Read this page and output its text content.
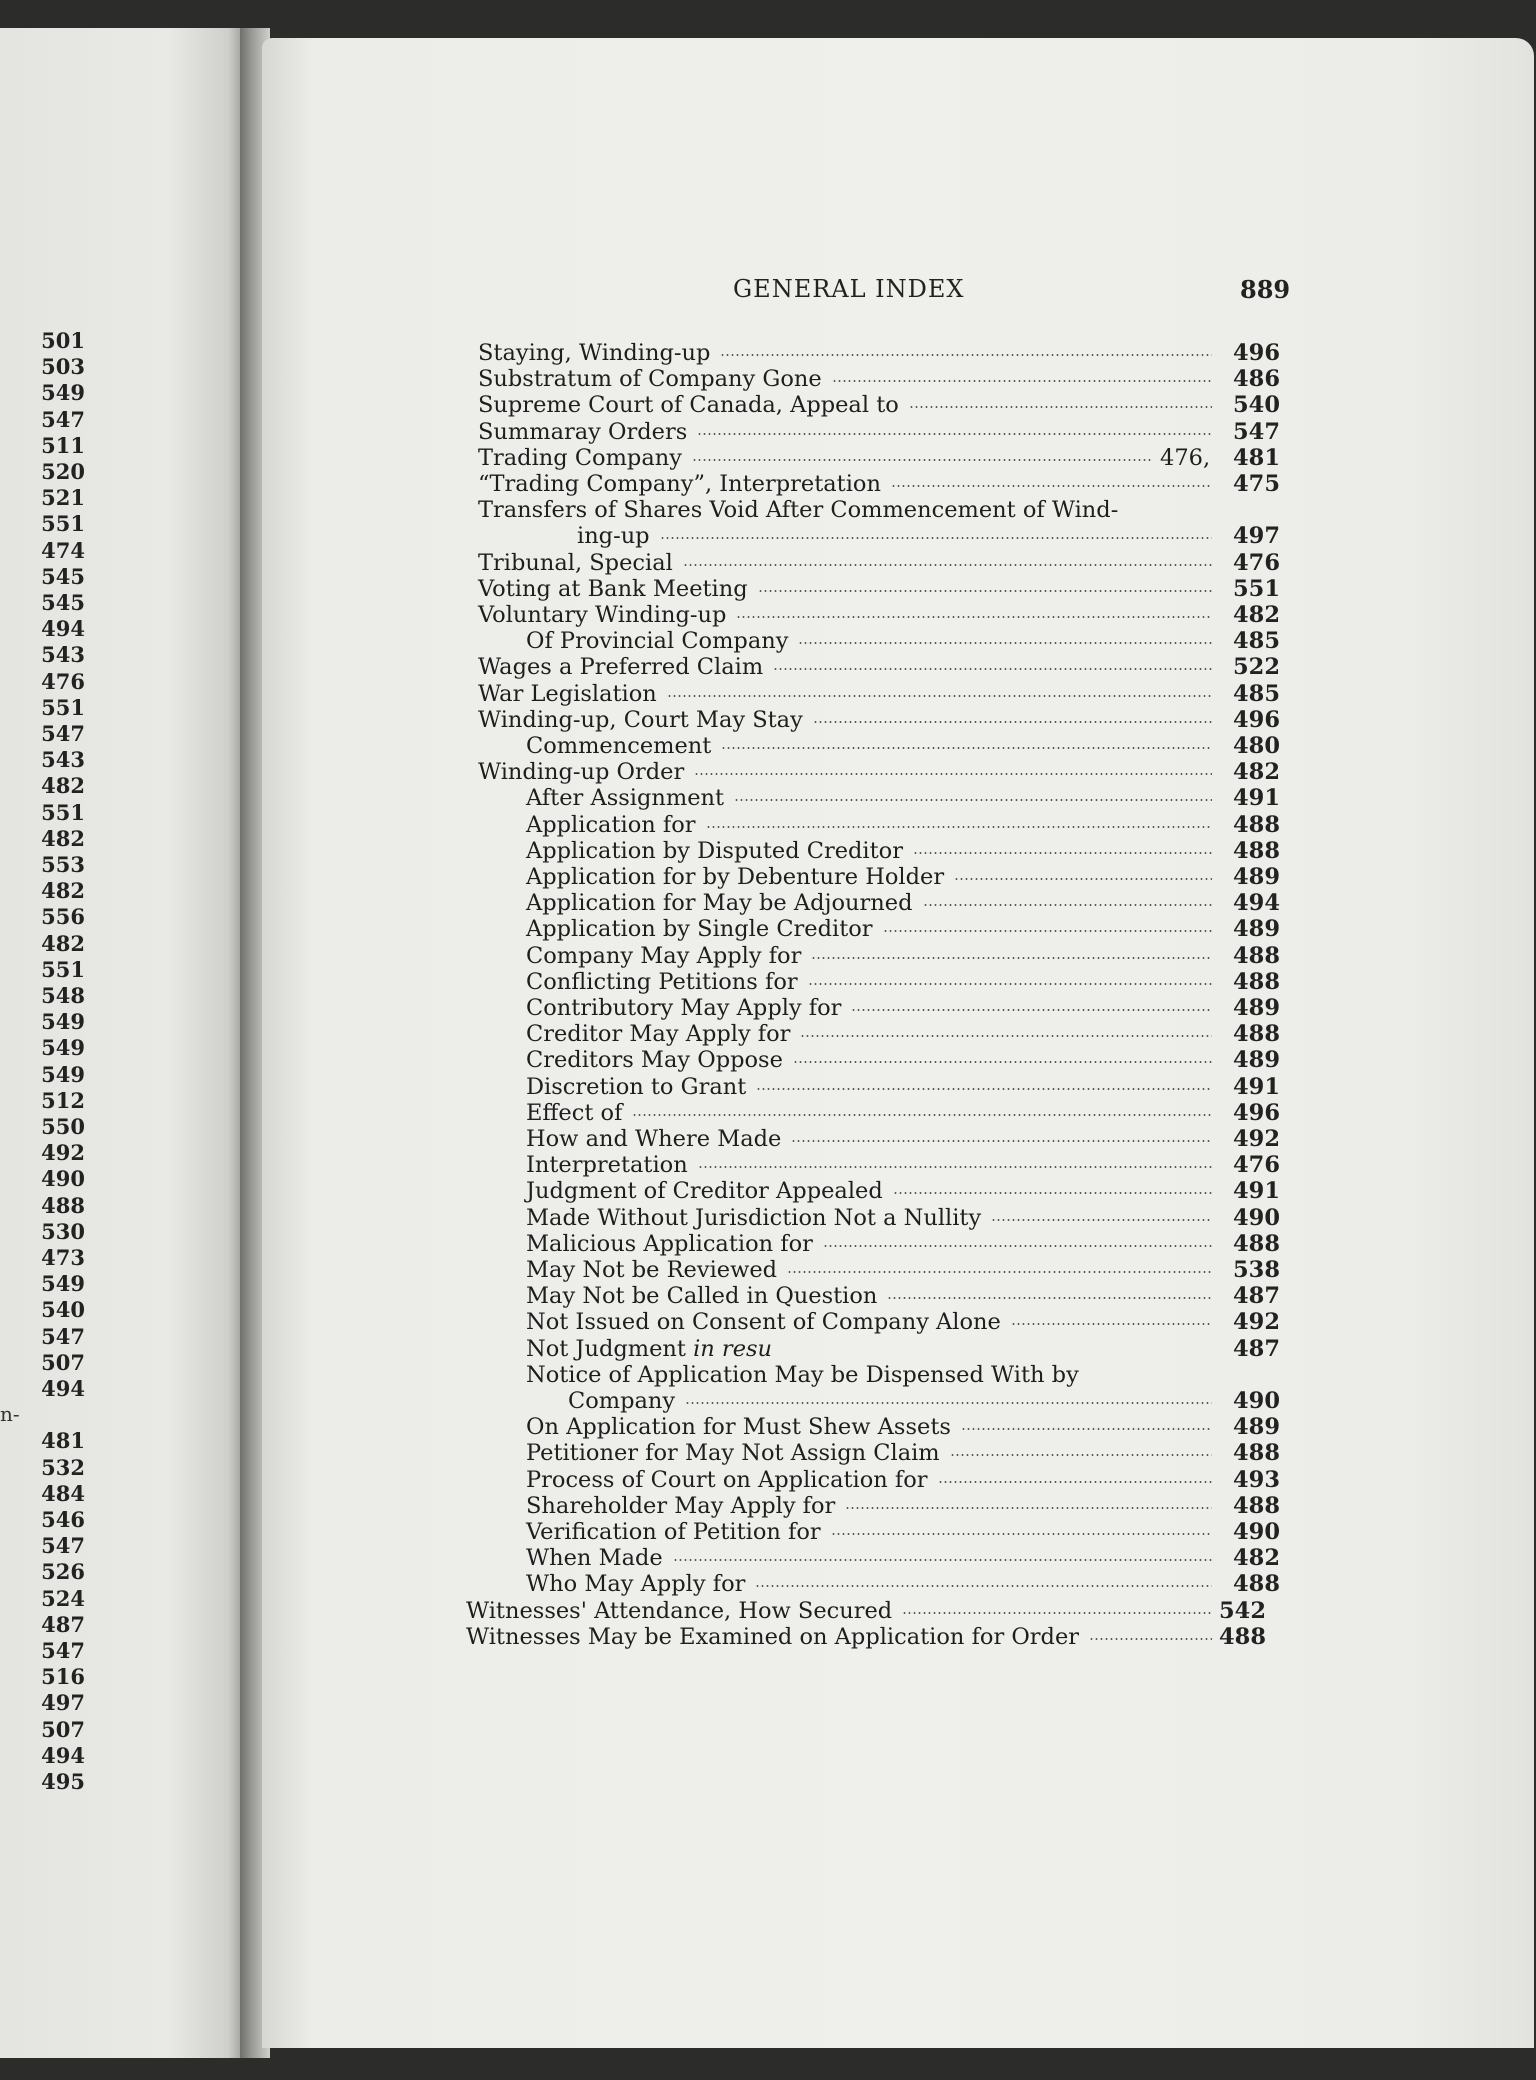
501
503
549
547
511
520
521
551
474
545
545
494
543
476
551
547
543
482
551
482
553
482
556
482
551
548
549
549
549
512
550
492
490
488
530
473
549
540
547
507
494
481
532
484
546
547
526
524
487
547
516
497
507
494
495
n-
GENERAL INDEX	889
Staying, Winding-up	496
Substratum of Company Gone	486
Supreme Court of Canada, Appeal to	540
Summaray Orders	547
Trading Company	476,	481
“Trading Company”, Interpretation	475
Transfers of Shares Void After Commencement of Wind-
ing-up	497
Tribunal, Special	476
Voting at Bank Meeting	551
Voluntary Winding-up	482
Of Provincial Company	485
Wages a Preferred Claim	522
War Legislation	485
Winding-up, Court May Stay	496
Commencement	480
Winding-up Order	482
After Assignment	491
Application for	488
Application by Disputed Creditor	488
Application for by Debenture Holder	489
Application for May be Adjourned	494
Application by Single Creditor	489
Company May Apply for	488
Conflicting Petitions for	488
Contributory May Apply for	489
Creditor May Apply for	488
Creditors May Oppose	489
Discretion to Grant	491
Effect of	496
How and Where Made	492
Interpretation	476
Judgment of Creditor Appealed	491
Made Without Jurisdiction Not a Nullity	490
Malicious Application for	488
May Not be Reviewed	538
May Not be Called in Question	487
Not Issued on Consent of Company Alone	492
Not Judgment in resu	487
Notice of Application May be Dispensed With by
Company	490
On Application for Must Shew Assets	489
Petitioner for May Not Assign Claim	488
Process of Court on Application for	493
Shareholder May Apply for	488
Verification of Petition for	490
When Made	482
Who May Apply for	488
Witnesses' Attendance, How Secured	542
Witnesses May be Examined on Application for Order	488
